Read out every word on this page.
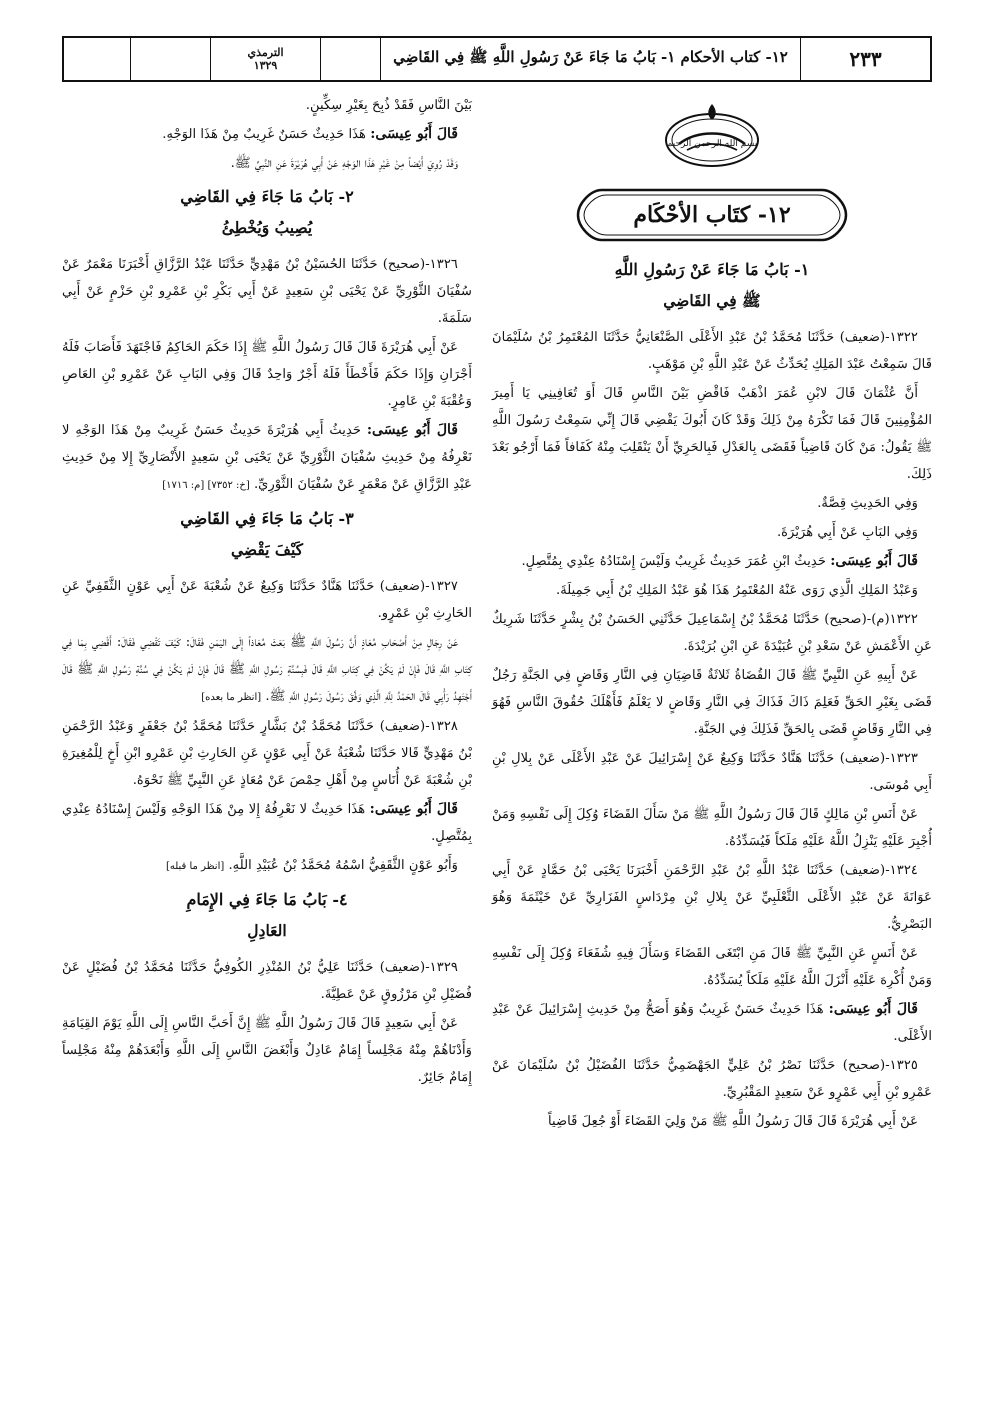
٢٣٣
١٢- كتاب الأحكام ١- بَابُ مَا جَاءَ عَنْ رَسُولِ اللَّهِ ﷺ فِي القَاضِي
الترمذي
١٣٢٩
بسم الله الرحمن الرحيم
١٢- كتَاب الأحْكَام
١- بَابُ مَا جَاءَ عَنْ رَسُولِ اللَّهِ
ﷺ فِي القَاضِي

١٣٢٢-(ضعيف) حَدَّثَنَا مُحَمَّدُ بْنُ عَبْدِ الأَعْلَى الصَّنْعَانِيُّ حَدَّثَنَا المُعْتَمِرُ بْنُ سُلَيْمَانَ قَالَ سَمِعْتُ عَبْدَ المَلِكِ يُحَدِّثُ عَنْ عَبْدِ اللَّهِ بْنِ مَوْهَبٍ.

أَنَّ عُثْمَانَ قَالَ لابْنِ عُمَرَ اذْهَبْ فَاقْضِ بَيْنَ النَّاسِ قَالَ أَوَ تُعَافِينِي يَا أَمِيرَ المُؤْمِنِينَ قَالَ فَمَا تَكْرَهُ مِنْ ذَلِكَ وَقَدْ كَانَ أَبُوكَ يَقْضِي قَالَ إِنِّي سَمِعْتُ رَسُولَ اللَّهِ ﷺ يَقُولُ: مَنْ كَانَ قَاضِياً فَقَضَى بِالعَدْلِ فَبِالحَرِيِّ أَنْ يَنْقَلِبَ مِنْهُ كَفَافاً فَمَا أَرْجُو بَعْدَ ذَلِكَ.

وَفِي الحَدِيثِ قِصَّةٌ.

وَفِي البَابِ عَنْ أَبِي هُرَيْرَةَ.

قَالَ أَبُو عِيسَى: حَدِيثُ ابْنِ عُمَرَ حَدِيثٌ غَرِيبٌ وَلَيْسَ إِسْنَادُهُ عِنْدِي بِمُتَّصِلٍ.

وَعَبْدُ المَلِكِ الَّذِي رَوَى عَنْهُ المُعْتَمِرُ هَذَا هُوَ عَبْدُ المَلِكِ بْنُ أَبِي جَمِيلَةَ.

١٣٢٢(م)-(صحيح) حَدَّثَنَا مُحَمَّدُ بْنُ إِسْمَاعِيلَ حَدَّثَنِي الحَسَنُ بْنُ بِشْرٍ حَدَّثَنَا شَرِيكٌ عَنِ الأَعْمَشِ عَنْ سَعْدِ بْنِ عُبَيْدَةَ عَنِ ابْنِ بُرَيْدَةَ.

عَنْ أَبِيهِ عَنِ النَّبِيِّ ﷺ قَالَ القُضَاةُ ثَلاثَةٌ قَاضِيَانِ فِي النَّارِ وَقَاضٍ فِي الجَنَّةِ رَجُلٌ قَضَى بِغَيْرِ الحَقِّ فَعَلِمَ ذَاكَ فَذَاكَ فِي النَّارِ وَقَاضٍ لا يَعْلَمُ فَأَهْلَكَ حُقُوقَ النَّاسِ فَهُوَ فِي النَّارِ وَقَاضٍ قَضَى بِالحَقِّ فَذَلِكَ فِي الجَنَّةِ.

١٣٢٣-(ضعيف) حَدَّثَنَا هَنَّادٌ حَدَّثَنَا وَكِيعٌ عَنْ إِسْرَائِيلَ عَنْ عَبْدِ الأَعْلَى عَنْ بِلالِ بْنِ أَبِي مُوسَى.

عَنْ أَنَسِ بْنِ مَالِكٍ قَالَ قَالَ رَسُولُ اللَّهِ ﷺ مَنْ سَأَلَ القَضَاءَ وُكِلَ إِلَى نَفْسِهِ وَمَنْ أُجْبِرَ عَلَيْهِ يَنْزِلُ اللَّهُ عَلَيْهِ مَلَكاً فَيُسَدِّدُهُ.

١٣٢٤-(ضعيف) حَدَّثَنَا عَبْدُ اللَّهِ بْنُ عَبْدِ الرَّحْمَنِ أَخْبَرَنَا يَحْيَى بْنُ حَمَّادٍ عَنْ أَبِي عَوَانَةَ عَنْ عَبْدِ الأَعْلَى الثَّعْلَبِيِّ عَنْ بِلالِ بْنِ مِرْدَاسٍ الفَزَارِيِّ عَنْ خَيْثَمَةَ وَهُوَ البَصْرِيُّ.

عَنْ أَنَسٍ عَنِ النَّبِيِّ ﷺ قَالَ مَنِ ابْتَغَى القَضَاءَ وَسَأَلَ فِيهِ شُفَعَاءَ وُكِلَ إِلَى نَفْسِهِ وَمَنْ أُكْرِهَ عَلَيْهِ أَنْزَلَ اللَّهُ عَلَيْهِ مَلَكاً يُسَدِّدُهُ.

قَالَ أَبُو عِيسَى: هَذَا حَدِيثٌ حَسَنٌ غَرِيبٌ وَهُوَ أَصَحُّ مِنْ حَدِيثِ إِسْرَائِيلَ عَنْ عَبْدِ الأَعْلَى.

١٣٢٥-(صحيح) حَدَّثَنَا نَصْرُ بْنُ عَلِيٍّ الجَهْضَمِيُّ حَدَّثَنَا الفُضَيْلُ بْنُ سُلَيْمَانَ عَنْ عَمْرِو بْنِ أَبِي عَمْرٍو عَنْ سَعِيدٍ المَقْبُرِيِّ.

عَنْ أَبِي هُرَيْرَةَ قَالَ قَالَ رَسُولُ اللَّهِ ﷺ مَنْ وَلِيَ القَضَاءَ أَوْ جُعِلَ قَاضِياً

بَيْنَ النَّاسِ فَقَدْ ذُبِحَ بِغَيْرِ سِكِّينٍ.

قَالَ أَبُو عِيسَى: هَذَا حَدِيثٌ حَسَنٌ غَرِيبٌ مِنْ هَذَا الوَجْهِ.

وَقَدْ رُوِيَ أَيْضاً مِنْ غَيْرِ هَذَا الوَجْهِ عَنْ أَبِي هُرَيْرَةَ عَنِ النَّبِيِّ ﷺ.

٢- بَابُ مَا جَاءَ فِي القَاضِي
يُصِيبُ وَيُخْطِئُ

١٣٢٦-(صحيح) حَدَّثَنَا الحُسَيْنُ بْنُ مَهْدِيٍّ حَدَّثَنَا عَبْدُ الرَّزَّاقِ أَخْبَرَنَا مَعْمَرٌ عَنْ سُفْيَانَ الثَّوْرِيِّ عَنْ يَحْيَى بْنِ سَعِيدٍ عَنْ أَبِي بَكْرِ بْنِ عَمْرِو بْنِ حَزْمٍ عَنْ أَبِي سَلَمَةَ.

عَنْ أَبِي هُرَيْرَةَ قَالَ قَالَ رَسُولُ اللَّهِ ﷺ إِذَا حَكَمَ الحَاكِمُ فَاجْتَهَدَ فَأَصَابَ فَلَهُ أَجْرَانِ وَإِذَا حَكَمَ فَأَخْطَأَ فَلَهُ أَجْرٌ وَاحِدٌ قَالَ وَفِي البَابِ عَنْ عَمْرِو بْنِ العَاصِ وَعُقْبَةَ بْنِ عَامِرٍ.

قَالَ أَبُو عِيسَى: حَدِيثُ أَبِي هُرَيْرَةَ حَدِيثٌ حَسَنٌ غَرِيبٌ مِنْ هَذَا الوَجْهِ لا نَعْرِفُهُ مِنْ حَدِيثِ سُفْيَانَ الثَّوْرِيِّ عَنْ يَحْيَى بْنِ سَعِيدٍ الأَنْصَارِيِّ إِلا مِنْ حَدِيثِ عَبْدِ الرَّزَّاقِ عَنْ مَعْمَرٍ عَنْ سُفْيَانَ الثَّوْرِيِّ. [خ: ٧٣٥٢] [م: ١٧١٦]

٣- بَابُ مَا جَاءَ فِي القَاضِي
كَيْفَ يَقْضِي

١٣٢٧-(ضعيف) حَدَّثَنَا هَنَّادٌ حَدَّثَنَا وَكِيعٌ عَنْ شُعْبَةَ عَنْ أَبِي عَوْنٍ الثَّقَفِيِّ عَنِ الحَارِثِ بْنِ عَمْرٍو.

عَنْ رِجَالٍ مِنْ أَصْحَابِ مُعَاذٍ أَنَّ رَسُولَ اللَّهِ ﷺ بَعَثَ مُعَاذاً إِلَى اليَمَنِ فَقَالَ: كَيْفَ تَقْضِي فَقَالَ: أَقْضِي بِمَا فِي كِتَابِ اللَّهِ قَالَ فَإِنْ لَمْ يَكُنْ فِي كِتَابِ اللَّهِ قَالَ فَبِسُنَّةِ رَسُولِ اللَّهِ ﷺ قَالَ فَإِنْ لَمْ يَكُنْ فِي سُنَّةِ رَسُولِ اللَّهِ ﷺ قَالَ أَجْتَهِدُ رَأْيِي قَالَ الحَمْدُ لِلَّهِ الَّذِي وَفَّقَ رَسُولَ رَسُولِ اللَّهِ ﷺ. [انظر ما بعده]

١٣٢٨-(ضعيف) حَدَّثَنَا مُحَمَّدُ بْنُ بَشَّارٍ حَدَّثَنَا مُحَمَّدُ بْنُ جَعْفَرٍ وَعَبْدُ الرَّحْمَنِ بْنُ مَهْدِيٍّ قَالا حَدَّثَنَا شُعْبَةُ عَنْ أَبِي عَوْنٍ عَنِ الحَارِثِ بْنِ عَمْرِو ابْنِ أَخٍ لِلْمُغِيرَةِ بْنِ شُعْبَةَ عَنْ أُنَاسٍ مِنْ أَهْلِ حِمْصَ عَنْ مُعَاذٍ عَنِ النَّبِيِّ ﷺ نَحْوَهُ.

قَالَ أَبُو عِيسَى: هَذَا حَدِيثٌ لا نَعْرِفُهُ إِلا مِنْ هَذَا الوَجْهِ وَلَيْسَ إِسْنَادُهُ عِنْدِي بِمُتَّصِلٍ.

وَأَبُو عَوْنٍ الثَّقَفِيُّ اسْمُهُ مُحَمَّدُ بْنُ عُبَيْدِ اللَّهِ. [انظر ما قبله]

٤- بَابُ مَا جَاءَ فِي الإِمَامِ
العَادِلِ

١٣٢٩-(ضعيف) حَدَّثَنَا عَلِيُّ بْنُ المُنْذِرِ الكُوفِيُّ حَدَّثَنَا مُحَمَّدُ بْنُ فُضَيْلٍ عَنْ فُضَيْلِ بْنِ مَرْزُوقٍ عَنْ عَطِيَّةَ.

عَنْ أَبِي سَعِيدٍ قَالَ قَالَ رَسُولُ اللَّهِ ﷺ إِنَّ أَحَبَّ النَّاسِ إِلَى اللَّهِ يَوْمَ القِيَامَةِ وَأَدْنَاهُمْ مِنْهُ مَجْلِساً إِمَامٌ عَادِلٌ وَأَبْغَضَ النَّاسِ إِلَى اللَّهِ وَأَبْعَدَهُمْ مِنْهُ مَجْلِساً إِمَامٌ جَائِرٌ.
